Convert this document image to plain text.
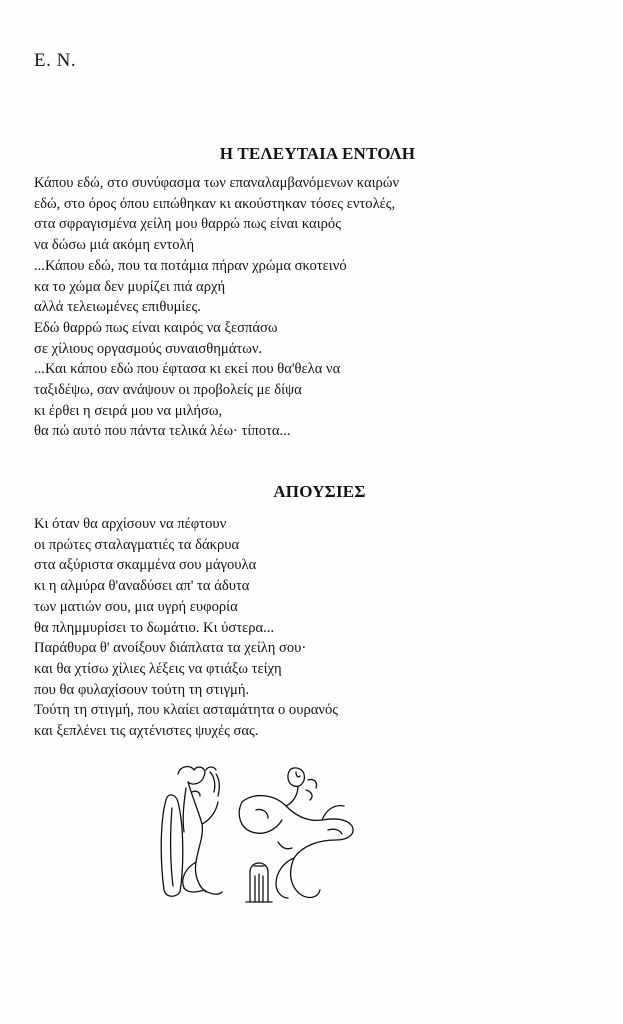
Ε. Ν.
Η ΤΕΛΕΥΤΑΙΑ ΕΝΤΟΛΗ
Κάπου εδώ, στο συνύφασμα των επαναλαμβανόμενων καιρών
εδώ, στο όρος όπου ειπώθηκαν κι ακούστηκαν τόσες εντολές,
στα σφραγισμένα χείλη μου θαρρώ πως είναι καιρός
να δώσω μιά ακόμη εντολή
...Κάπου εδώ, που τα ποτάμια πήραν χρώμα σκοτεινό
κα το χώμα δεν μυρίζει πιά αρχή
αλλά τελειωμένες επιθυμίες.
Εδώ θαρρώ πως είναι καιρός να ξεσπάσω
σε χίλιους οργασμούς συναισθημάτων.
...Και κάπου εδώ που έφτασα κι εκεί που θα'θελα να
ταξιδέψω, σαν ανάψουν οι προβολείς με δίψα
κι έρθει η σειρά μου να μιλήσω,
θα πώ αυτό που πάντα τελικά λέω· τίποτα...
ΑΠΟΥΣΙΕΣ
Κι όταν θα αρχίσουν να πέφτουν
οι πρώτες σταλαγματιές τα δάκρυα
στα αξύριστα σκαμμένα σου μάγουλα
κι η αλμύρα θ'αναδύσει απ' τα άδυτα
των ματιών σου, μια υγρή ευφορία
θα πλημμυρίσει το δωμάτιο. Κι ύστερα...
Παράθυρα θ' ανοίξουν διάπλατα τα χείλη σου·
και θα χτίσω χίλιες λέξεις να φτιάξω τείχη
που θα φυλαχίσουν τούτη τη στιγμή.
Τούτη τη στιγμή, που κλαίει ασταμάτητα ο ουρανός
και ξεπλένει τις αχτένιστες ψυχές σας.
